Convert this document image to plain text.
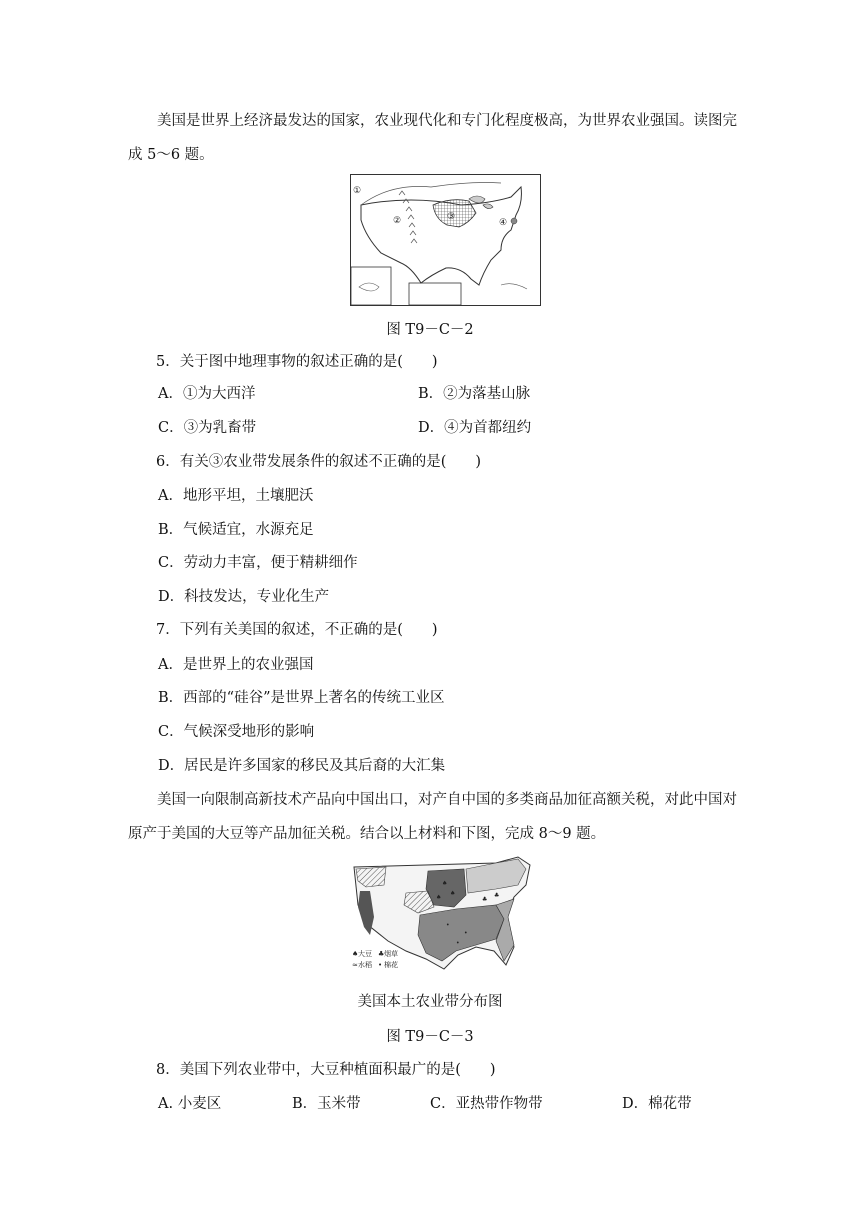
美国是世界上经济最发达的国家，农业现代化和专门化程度极高，为世界农业强国。读图完成 5～6 题。
①
②	③
④
图 T9－C－2
5．关于图中地理事物的叙述正确的是(　　)
A．①为大西洋	B．②为落基山脉
C．③为乳畜带	D．④为首都纽约
6．有关③农业带发展条件的叙述不正确的是(　　)
A．地形平坦，土壤肥沃
B．气候适宜，水源充足
C．劳动力丰富，便于精耕细作
D．科技发达，专业化生产
7．下列有关美国的叙述，不正确的是(　　)
A．是世界上的农业强国
B．西部的“硅谷”是世界上著名的传统工业区
C．气候深受地形的影响
D．居民是许多国家的移民及其后裔的大汇集
美国一向限制高新技术产品向中国出口，对产自中国的多类商品加征高额关税，对此中国对原产于美国的大豆等产品加征关税。结合以上材料和下图，完成 8～9 题。
♠
♠
♠	♣
♣
•
•
•
♠ 大豆 ♣ 烟草
≈ 水稻 • 棉花
美国本土农业带分布图
图 T9－C－3
8．美国下列农业带中，大豆种植面积最广的是(　　)
A. 小麦区	B．玉米带	C．亚热带作物带	D．棉花带
